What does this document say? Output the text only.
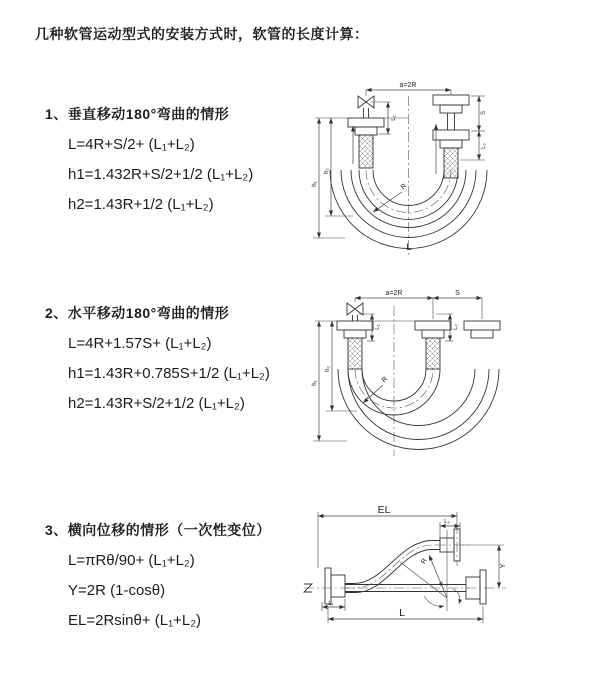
几种软管运动型式的安装方式时，软管的长度计算：
1、垂直移动180°弯曲的情形
L=4R+S/2+ (L₁+L₂)
h1=1.432R+S/2+1/2 (L₁+L₂)
h2=1.43R+1/2 (L₁+L₂)
2、水平移动180°弯曲的情形
L=4R+1.57S+ (L₁+L₂)
h1=1.43R+0.785S+1/2 (L₁+L₂)
h2=1.43R+S/2+1/2 (L₁+L₂)
3、横向位移的情形（一次性变位）
L=πRθ/90+ (L₁+L₂)
Y=2R (1-cosθ)
EL=2Rsinθ+ (L₁+L₂)
a=2R
R
L
h₁
h₂
L₁
S
L₂
a=2R	S
R
L₁	L₂
h₁
h₂
EL
L₂
Y
L₁
L
R
θ
